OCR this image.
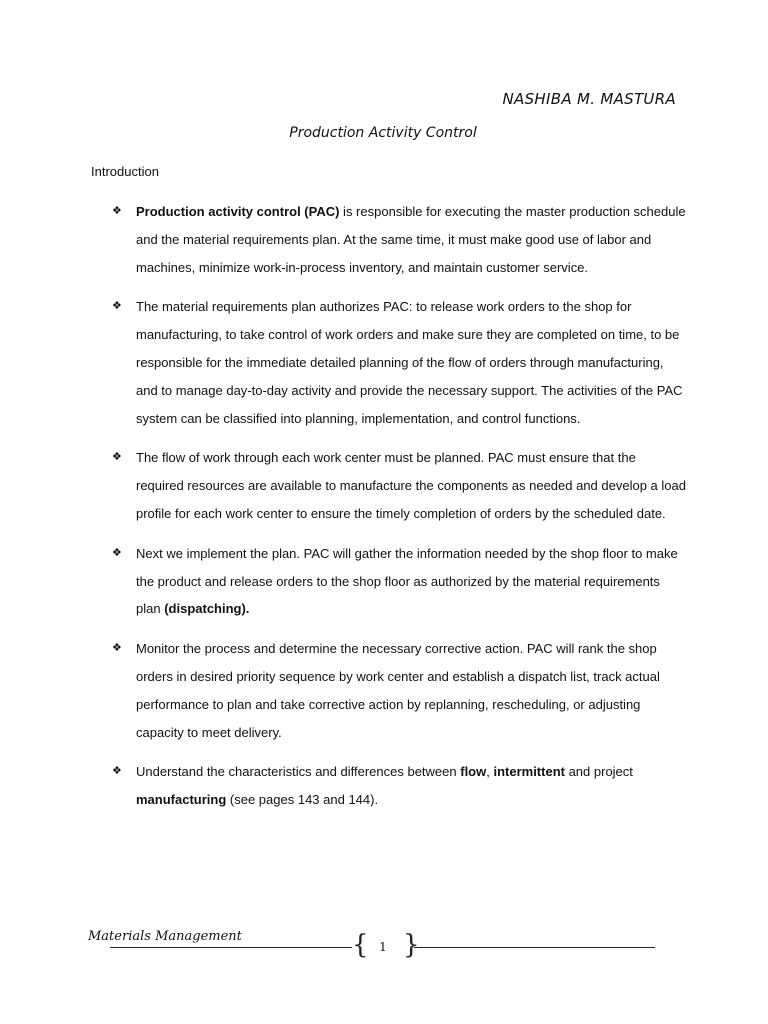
NASHIBA M. MASTURA
Production Activity Control
Introduction
❖ Production activity control (PAC) is responsible for executing the master production schedule and the material requirements plan. At the same time, it must make good use of labor and machines, minimize work-in-process inventory, and maintain customer service.
❖ The material requirements plan authorizes PAC: to release work orders to the shop for manufacturing, to take control of work orders and make sure they are completed on time, to be responsible for the immediate detailed planning of the flow of orders through manufacturing, and to manage day-to-day activity and provide the necessary support. The activities of the PAC system can be classified into planning, implementation, and control functions.
❖ The flow of work through each work center must be planned. PAC must ensure that the required resources are available to manufacture the components as needed and develop a load profile for each work center to ensure the timely completion of orders by the scheduled date.
❖ Next we implement the plan. PAC will gather the information needed by the shop floor to make the product and release orders to the shop floor as authorized by the material requirements plan (dispatching).
❖ Monitor the process and determine the necessary corrective action. PAC will rank the shop orders in desired priority sequence by work center and establish a dispatch list, track actual performance to plan and take corrective action by replanning, rescheduling, or adjusting capacity to meet delivery.
❖ Understand the characteristics and differences between flow, intermittent and project manufacturing (see pages 143 and 144).
Materials Management	{ }
1
